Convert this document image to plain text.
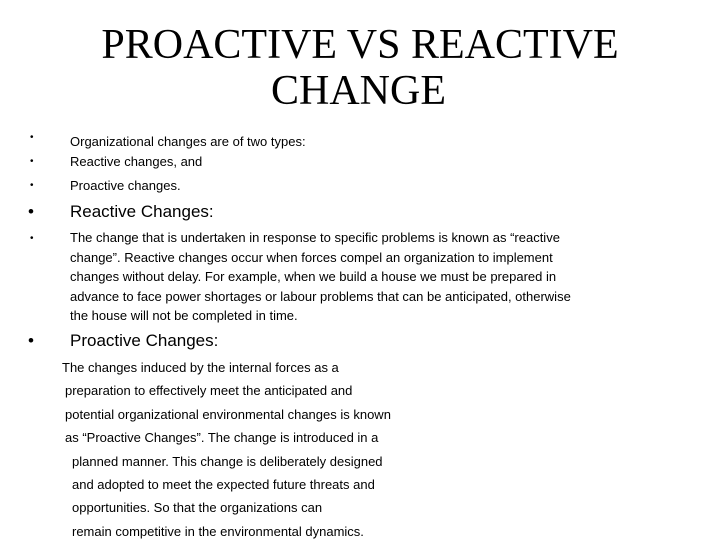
PROACTIVE VS REACTIVE
CHANGE
•	Organizational changes are of two types:
•	Reactive changes, and
•	Proactive changes.
• Reactive Changes:
•	The change that is undertaken in response to specific problems is known as “reactive
change”. Reactive changes occur when forces compel an organization to implement
changes without delay. For example, when we build a house we must be prepared in
advance to face power shortages or labour problems that can be anticipated, otherwise
the house will not be completed in time.
• Proactive Changes:
The changes induced by the internal forces as a
preparation to effectively meet the anticipated and
potential organizational environmental changes is known
as “Proactive Changes”. The change is introduced in a
planned manner. This change is deliberately designed
and adopted to meet the expected future threats and
opportunities. So that the organizations can
remain competitive in the environmental dynamics.
